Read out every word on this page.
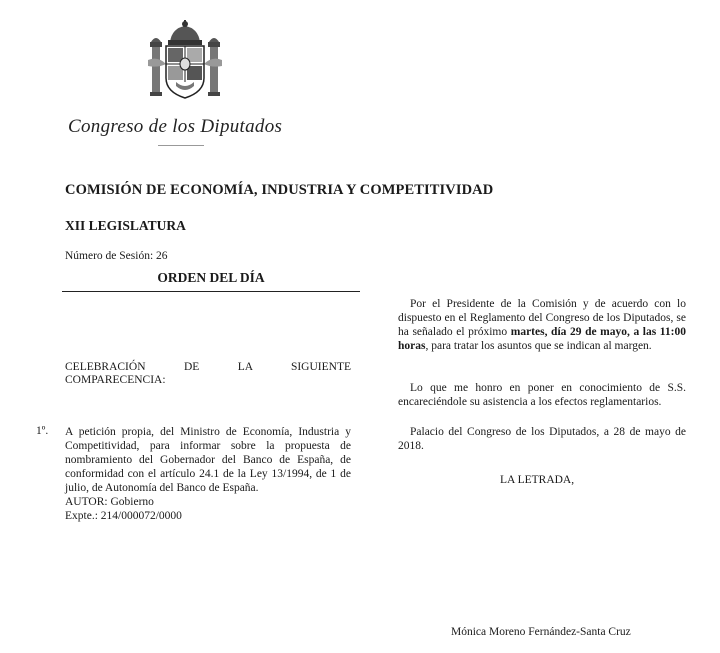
Congreso de los Diputados
COMISIÓN DE ECONOMÍA, INDUSTRIA Y COMPETITIVIDAD
XII LEGISLATURA
Número de Sesión: 26
ORDEN DEL DÍA
CELEBRACIÓN	DE	LA	SIGUIENTE
COMPARECENCIA:
1º. A petición propia, del Ministro de Economía, Industria y Competitividad, para informar sobre la propuesta de nombramiento del Gobernador del Banco de España, de conformidad con el artículo 24.1 de la Ley 13/1994, de 1 de julio, de Autonomía del Banco de España.
AUTOR: Gobierno
Expte.: 214/000072/0000
Por el Presidente de la Comisión y de acuerdo con lo dispuesto en el Reglamento del Congreso de los Diputados, se ha señalado el próximo martes, día 29 de mayo, a las 11:00 horas, para tratar los asuntos que se indican al margen.
Lo que me honro en poner en conocimiento de S.S. encareciéndole su asistencia a los efectos reglamentarios.
Palacio del Congreso de los Diputados, a 28 de mayo de 2018.
LA LETRADA,
Mónica Moreno Fernández-Santa Cruz
